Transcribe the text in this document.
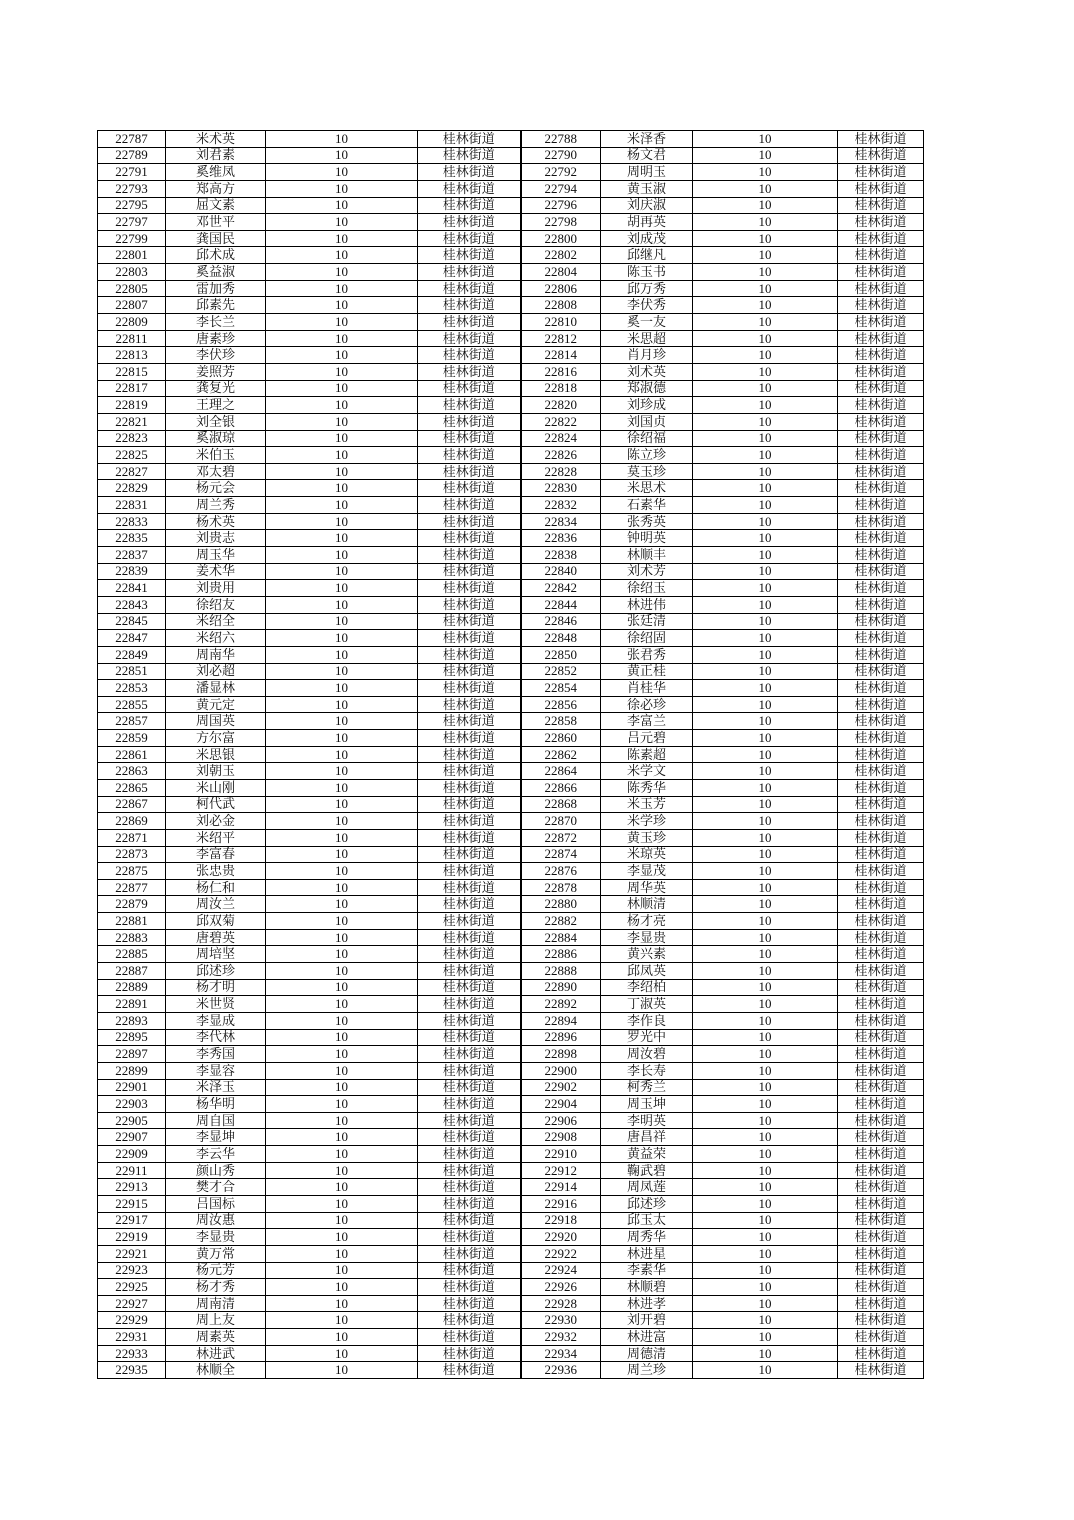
22787	米术英	10	桂林街道	22788	米泽香	10	桂林街道
22789	刘君素	10	桂林街道	22790	杨文君	10	桂林街道
22791	奚维凤	10	桂林街道	22792	周明玉	10	桂林街道
22793	郑高方	10	桂林街道	22794	黄玉淑	10	桂林街道
22795	屈文素	10	桂林街道	22796	刘庆淑	10	桂林街道
22797	邓世平	10	桂林街道	22798	胡再英	10	桂林街道
22799	龚国民	10	桂林街道	22800	刘成茂	10	桂林街道
22801	邱术成	10	桂林街道	22802	邱继凡	10	桂林街道
22803	奚益淑	10	桂林街道	22804	陈玉书	10	桂林街道
22805	雷加秀	10	桂林街道	22806	邱万秀	10	桂林街道
22807	邱素先	10	桂林街道	22808	李伏秀	10	桂林街道
22809	李长兰	10	桂林街道	22810	奚一友	10	桂林街道
22811	唐素珍	10	桂林街道	22812	米思超	10	桂林街道
22813	李伏珍	10	桂林街道	22814	肖月珍	10	桂林街道
22815	姜照芳	10	桂林街道	22816	刘术英	10	桂林街道
22817	龚复光	10	桂林街道	22818	郑淑德	10	桂林街道
22819	王理之	10	桂林街道	22820	刘珍成	10	桂林街道
22821	刘全银	10	桂林街道	22822	刘国贞	10	桂林街道
22823	奚淑琼	10	桂林街道	22824	徐绍福	10	桂林街道
22825	米伯玉	10	桂林街道	22826	陈立珍	10	桂林街道
22827	邓太碧	10	桂林街道	22828	莫玉珍	10	桂林街道
22829	杨元会	10	桂林街道	22830	米思术	10	桂林街道
22831	周兰秀	10	桂林街道	22832	石素华	10	桂林街道
22833	杨术英	10	桂林街道	22834	张秀英	10	桂林街道
22835	刘贵志	10	桂林街道	22836	钟明英	10	桂林街道
22837	周玉华	10	桂林街道	22838	林顺丰	10	桂林街道
22839	姜术华	10	桂林街道	22840	刘术芳	10	桂林街道
22841	刘贵用	10	桂林街道	22842	徐绍玉	10	桂林街道
22843	徐绍友	10	桂林街道	22844	林进伟	10	桂林街道
22845	米绍全	10	桂林街道	22846	张廷清	10	桂林街道
22847	米绍六	10	桂林街道	22848	徐绍固	10	桂林街道
22849	周南华	10	桂林街道	22850	张君秀	10	桂林街道
22851	刘必超	10	桂林街道	22852	黄正桂	10	桂林街道
22853	潘显林	10	桂林街道	22854	肖桂华	10	桂林街道
22855	黄元定	10	桂林街道	22856	徐必珍	10	桂林街道
22857	周国英	10	桂林街道	22858	李富兰	10	桂林街道
22859	方尔富	10	桂林街道	22860	吕元碧	10	桂林街道
22861	米思银	10	桂林街道	22862	陈素超	10	桂林街道
22863	刘朝玉	10	桂林街道	22864	米学文	10	桂林街道
22865	米山刚	10	桂林街道	22866	陈秀华	10	桂林街道
22867	柯代武	10	桂林街道	22868	米玉芳	10	桂林街道
22869	刘必金	10	桂林街道	22870	米学珍	10	桂林街道
22871	米绍平	10	桂林街道	22872	黄玉珍	10	桂林街道
22873	李富春	10	桂林街道	22874	米琼英	10	桂林街道
22875	张忠贵	10	桂林街道	22876	李显茂	10	桂林街道
22877	杨仁和	10	桂林街道	22878	周华英	10	桂林街道
22879	周汝兰	10	桂林街道	22880	林顺清	10	桂林街道
22881	邱双菊	10	桂林街道	22882	杨才亮	10	桂林街道
22883	唐碧英	10	桂林街道	22884	李显贵	10	桂林街道
22885	周培坚	10	桂林街道	22886	黄兴素	10	桂林街道
22887	邱述珍	10	桂林街道	22888	邱凤英	10	桂林街道
22889	杨才明	10	桂林街道	22890	李绍柏	10	桂林街道
22891	米世贤	10	桂林街道	22892	丁淑英	10	桂林街道
22893	李显成	10	桂林街道	22894	李作良	10	桂林街道
22895	李代林	10	桂林街道	22896	罗光中	10	桂林街道
22897	李秀国	10	桂林街道	22898	周汝碧	10	桂林街道
22899	李显容	10	桂林街道	22900	李长寿	10	桂林街道
22901	米泽玉	10	桂林街道	22902	柯秀兰	10	桂林街道
22903	杨华明	10	桂林街道	22904	周玉坤	10	桂林街道
22905	周自国	10	桂林街道	22906	李明英	10	桂林街道
22907	李显坤	10	桂林街道	22908	唐昌祥	10	桂林街道
22909	李云华	10	桂林街道	22910	黄益荣	10	桂林街道
22911	颜山秀	10	桂林街道	22912	鞠武碧	10	桂林街道
22913	樊才合	10	桂林街道	22914	周凤莲	10	桂林街道
22915	吕国标	10	桂林街道	22916	邱述珍	10	桂林街道
22917	周汝惠	10	桂林街道	22918	邱玉太	10	桂林街道
22919	李显贵	10	桂林街道	22920	周秀华	10	桂林街道
22921	黄万常	10	桂林街道	22922	林进星	10	桂林街道
22923	杨元芳	10	桂林街道	22924	李素华	10	桂林街道
22925	杨才秀	10	桂林街道	22926	林顺碧	10	桂林街道
22927	周南清	10	桂林街道	22928	林进孝	10	桂林街道
22929	周上友	10	桂林街道	22930	刘开碧	10	桂林街道
22931	周素英	10	桂林街道	22932	林进富	10	桂林街道
22933	林进武	10	桂林街道	22934	周德清	10	桂林街道
22935	林顺全	10	桂林街道	22936	周兰珍	10	桂林街道
